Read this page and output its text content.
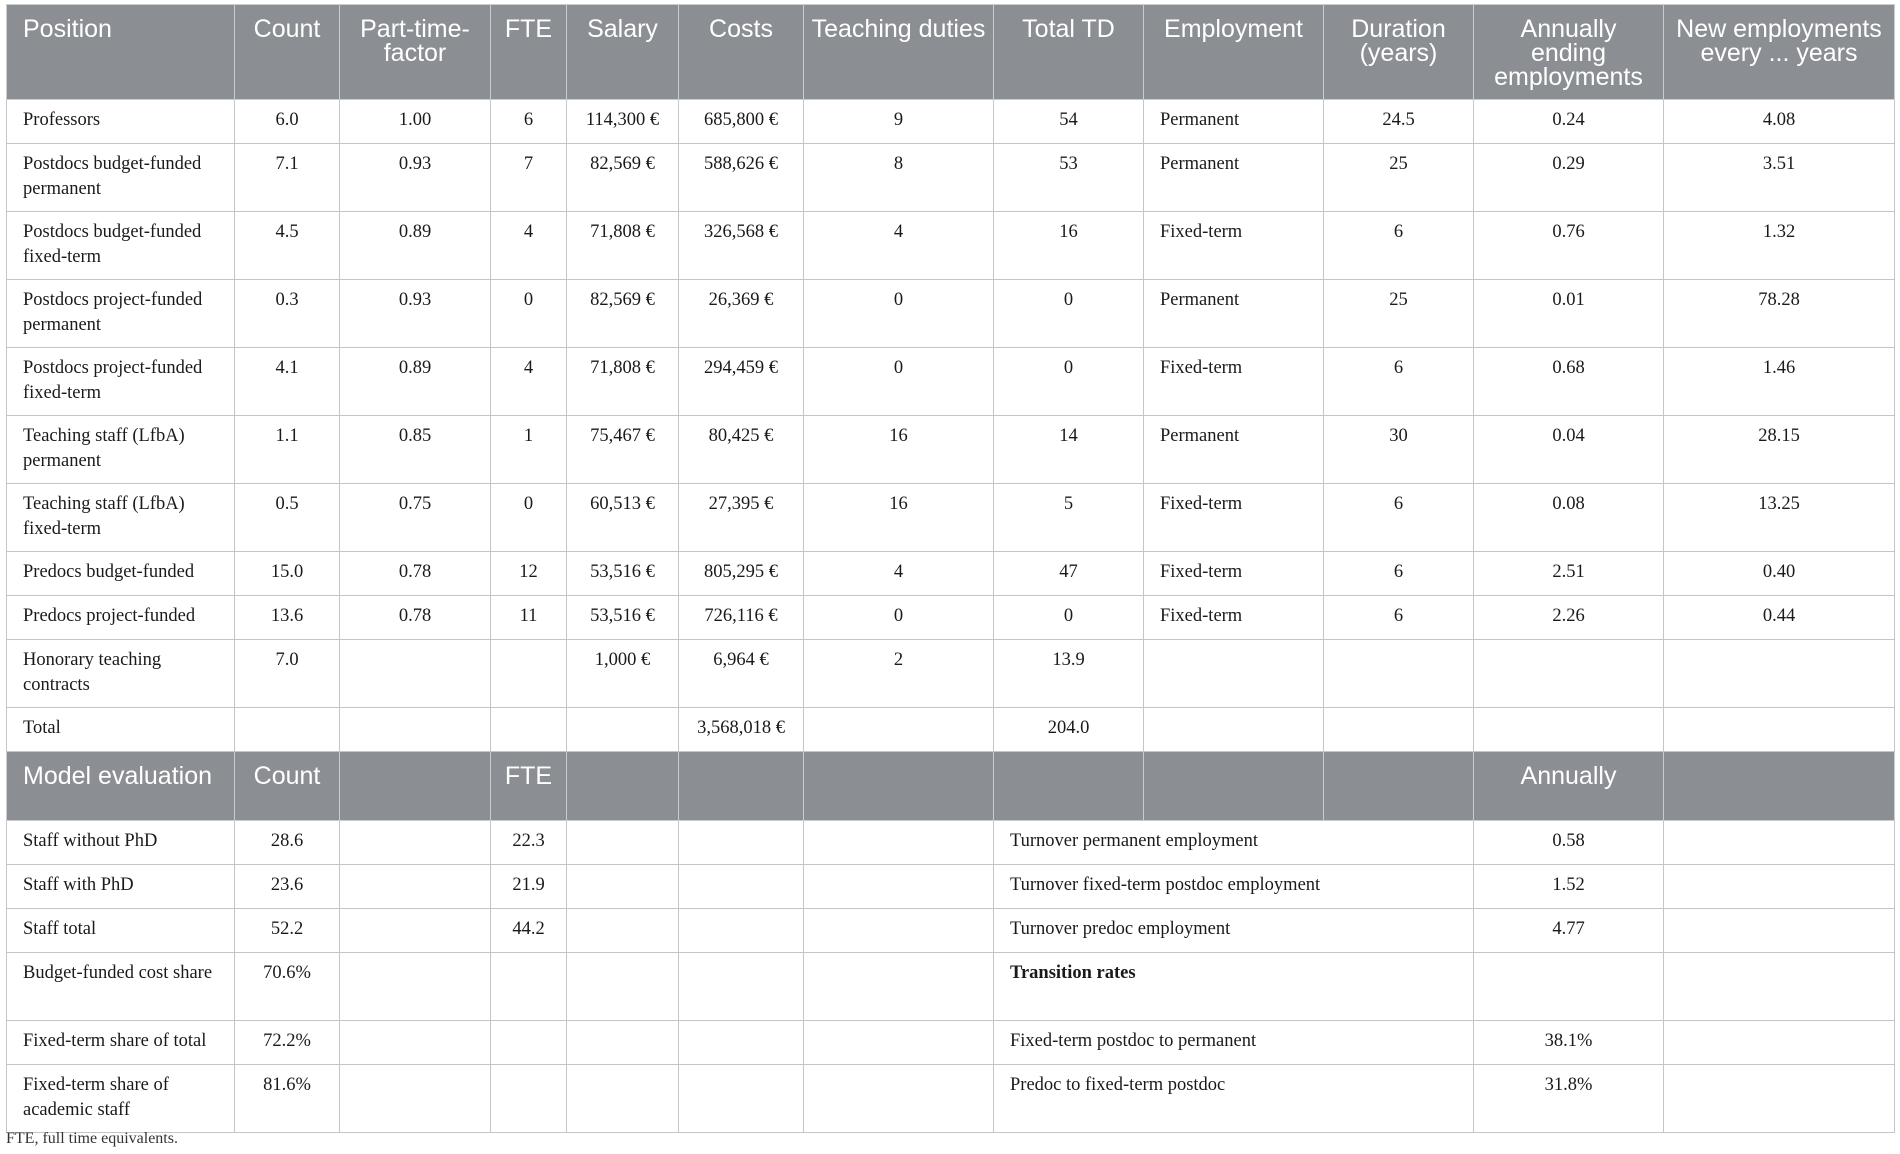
Position	Count	Part-time-factor	FTE	Salary	Costs	Teaching duties	Total TD	Employment	Duration (years)	Annually ending employments	New employments every ... years
Professors	6.0	1.00	6	114,300 €	685,800 €	9	54	Permanent	24.5	0.24	4.08
Postdocs budget-funded permanent	7.1	0.93	7	82,569 €	588,626 €	8	53	Permanent	25	0.29	3.51
Postdocs budget-funded fixed-term	4.5	0.89	4	71,808 €	326,568 €	4	16	Fixed-term	6	0.76	1.32
Postdocs project-funded permanent	0.3	0.93	0	82,569 €	26,369 €	0	0	Permanent	25	0.01	78.28
Postdocs project-funded fixed-term	4.1	0.89	4	71,808 €	294,459 €	0	0	Fixed-term	6	0.68	1.46
Teaching staff (LfbA) permanent	1.1	0.85	1	75,467 €	80,425 €	16	14	Permanent	30	0.04	28.15
Teaching staff (LfbA) fixed-term	0.5	0.75	0	60,513 €	27,395 €	16	5	Fixed-term	6	0.08	13.25
Predocs budget-funded	15.0	0.78	12	53,516 €	805,295 €	4	47	Fixed-term	6	2.51	0.40
Predocs project-funded	13.6	0.78	11	53,516 €	726,116 €	0	0	Fixed-term	6	2.26	0.44
Honorary teaching contracts	7.0			1,000 €	6,964 €	2	13.9				
Total					3,568,018 €		204.0				
Model evaluation	Count		FTE							Annually	
Staff without PhD	28.6		22.3				Turnover permanent employment			0.58	
Staff with PhD	23.6		21.9				Turnover fixed-term postdoc employment			1.52	
Staff total	52.2		44.2				Turnover predoc employment			4.77	
Budget-funded cost share	70.6%						Transition rates				
Fixed-term share of total	72.2%						Fixed-term postdoc to permanent			38.1%	
Fixed-term share of academic staff	81.6%						Predoc to fixed-term postdoc			31.8%	
FTE, full time equivalents.
